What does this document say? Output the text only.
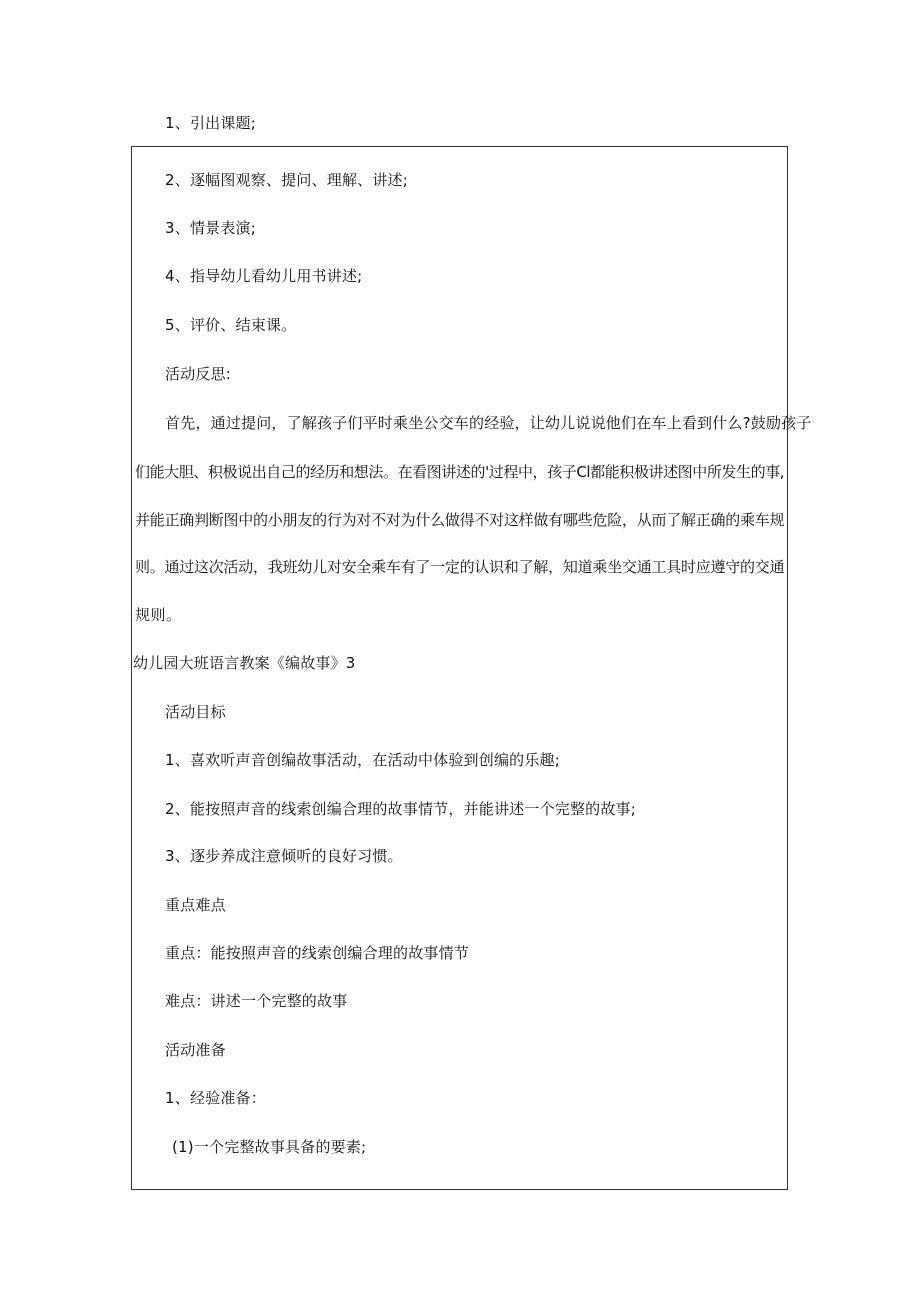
1、引出课题;
2、逐幅图观察、提问、理解、讲述;
3、情景表演;
4、指导幼儿看幼儿用书讲述;
5、评价、结束课。
活动反思:
首先，通过提问，了解孩子们平时乘坐公交车的经验，让幼儿说说他们在车上看到什么?鼓励孩子
们能大胆、积极说出自己的经历和想法。在看图讲述的'过程中，孩子Cl都能积极讲述图中所发生的事,
并能正确判断图中的小朋友的行为对不对为什么做得不对这样做有哪些危险，从而了解正确的乘车规
则。通过这次活动，我班幼儿对安全乘车有了一定的认识和了解，知道乘坐交通工具时应遵守的交通
规则。
幼儿园大班语言教案《编故事》3
活动目标
1、喜欢听声音创编故事活动，在活动中体验到创编的乐趣;
2、能按照声音的线索创编合理的故事情节，并能讲述一个完整的故事;
3、逐步养成注意倾听的良好习惯。
重点难点
重点：能按照声音的线索创编合理的故事情节
难点：讲述一个完整的故事
活动准备
1、经验准备：
(1)一个完整故事具备的要素;
